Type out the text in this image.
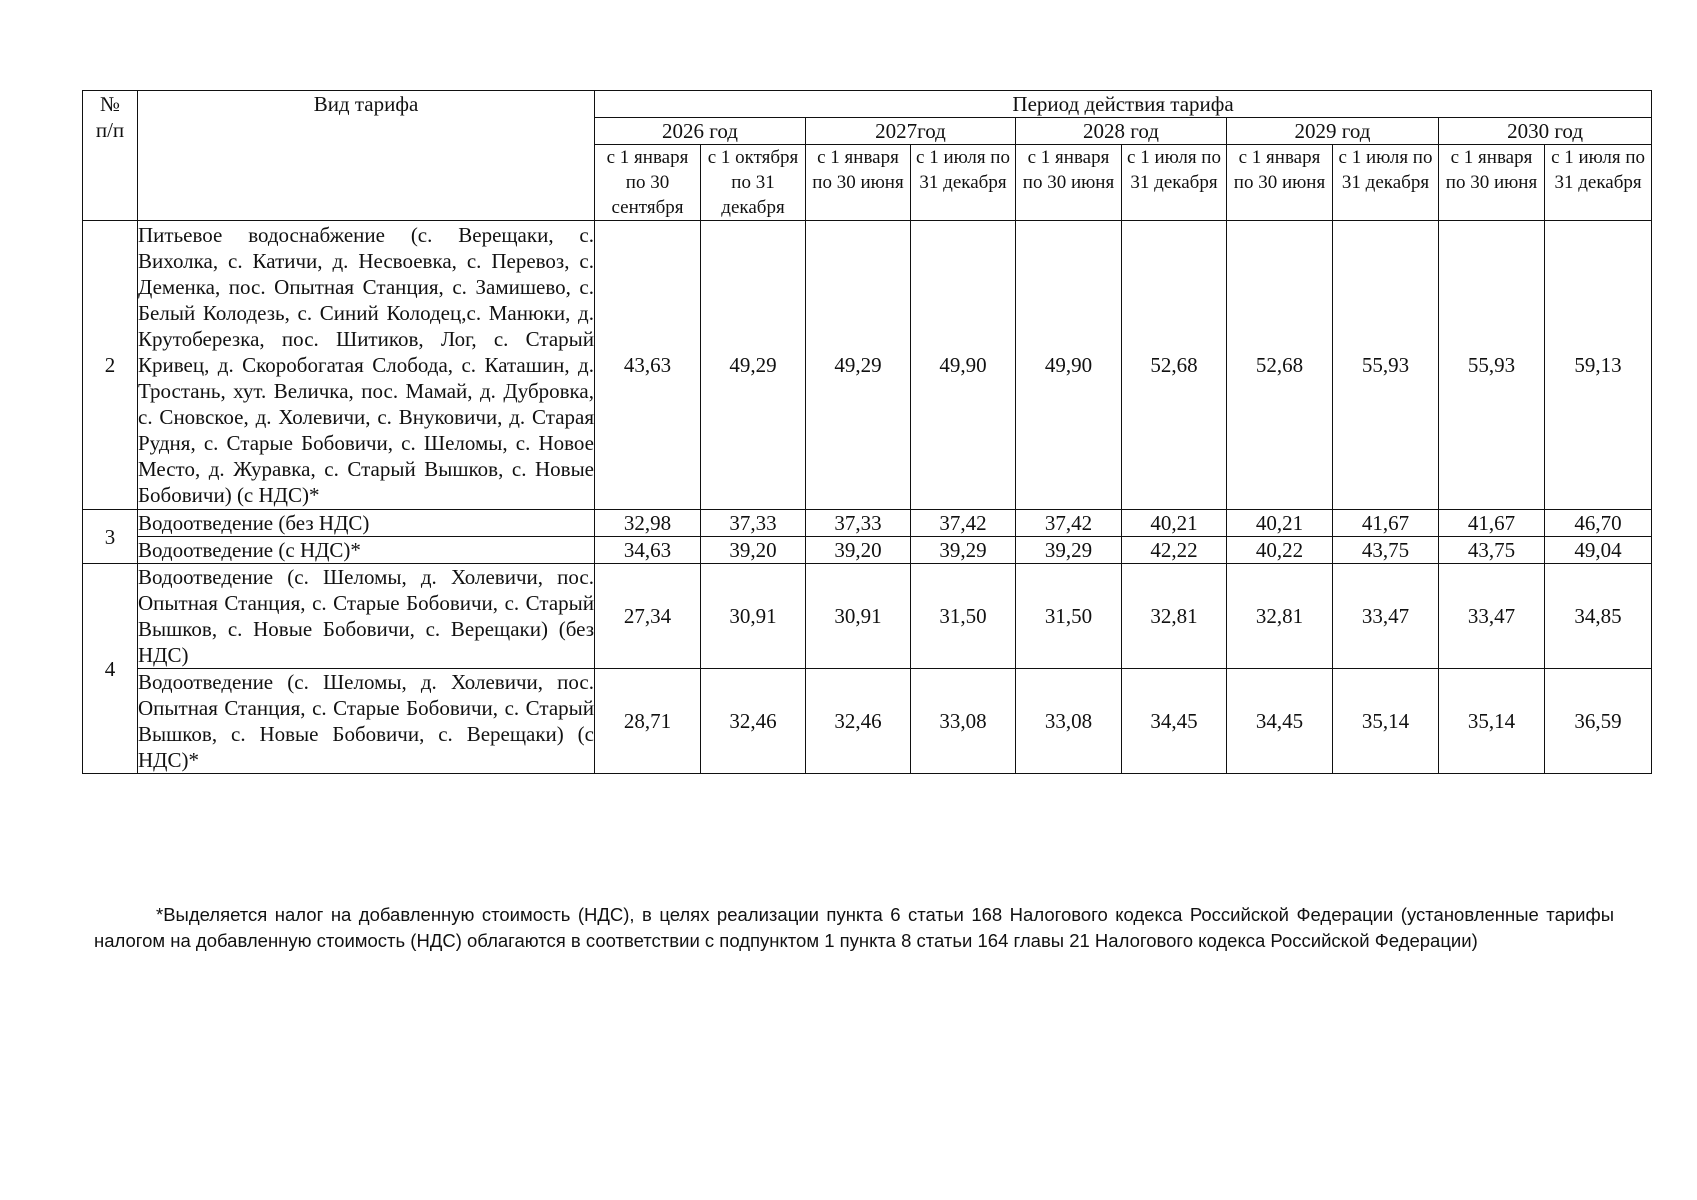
№
п/п	Вид тарифа	Период действия тарифа									
		2026 год		2027год		2028 год		2029 год		2030 год	
		с 1 января по 30 сентября	с 1 октября по 31 декабря	с 1 января по 30 июня	с 1 июля по 31 декабря	с 1 января по 30 июня	с 1 июля по 31 декабря	с 1 января по 30 июня	с 1 июля по 31 декабря	с 1 января по 30 июня	с 1 июля по 31 декабря
2	Питьевое водоснабжение (с. Верещаки, с. Вихолка, с. Катичи, д. Несвоевка, с. Перевоз, с. Деменка, пос. Опытная Станция, с. Замишево, с. Белый Колодезь, с. Синий Колодец,с. Манюки, д. Крутоберезка, пос. Шитиков, Лог, с. Старый Кривец, д. Скоробогатая Слобода, с. Каташин, д. Тростань, хут. Величка, пос. Мамай, д. Дубровка, с. Сновское, д. Холевичи, с. Внуковичи, д. Старая Рудня, с. Старые Бобовичи, с. Шеломы, с. Новое Место, д. Журавка, с. Старый Вышков, с. Новые Бобовичи) (с НДС)*	43,63	49,29	49,29	49,90	49,90	52,68	52,68	55,93	55,93	59,13
3	Водоотведение (без НДС)	32,98	37,33	37,33	37,42	37,42	40,21	40,21	41,67	41,67	46,70
	Водоотведение (с НДС)*	34,63	39,20	39,20	39,29	39,29	42,22	40,22	43,75	43,75	49,04
4	Водоотведение (с. Шеломы, д. Холевичи, пос. Опытная Станция, с. Старые Бобовичи, с. Старый Вышков, с. Новые Бобовичи, с. Верещаки) (без НДС)	27,34	30,91	30,91	31,50	31,50	32,81	32,81	33,47	33,47	34,85
	Водоотведение (с. Шеломы, д. Холевичи, пос. Опытная Станция, с. Старые Бобовичи, с. Старый Вышков, с. Новые Бобовичи, с. Верещаки) (с НДС)*	28,71	32,46	32,46	33,08	33,08	34,45	34,45	35,14	35,14	36,59

*Выделяется налог на добавленную стоимость (НДС), в целях реализации пункта 6 статьи 168 Налогового кодекса Российской Федерации (установленные тарифы налогом на добавленную стоимость (НДС) облагаются в соответствии с подпунктом 1 пункта 8 статьи 164 главы 21 Налогового кодекса Российской Федерации)
